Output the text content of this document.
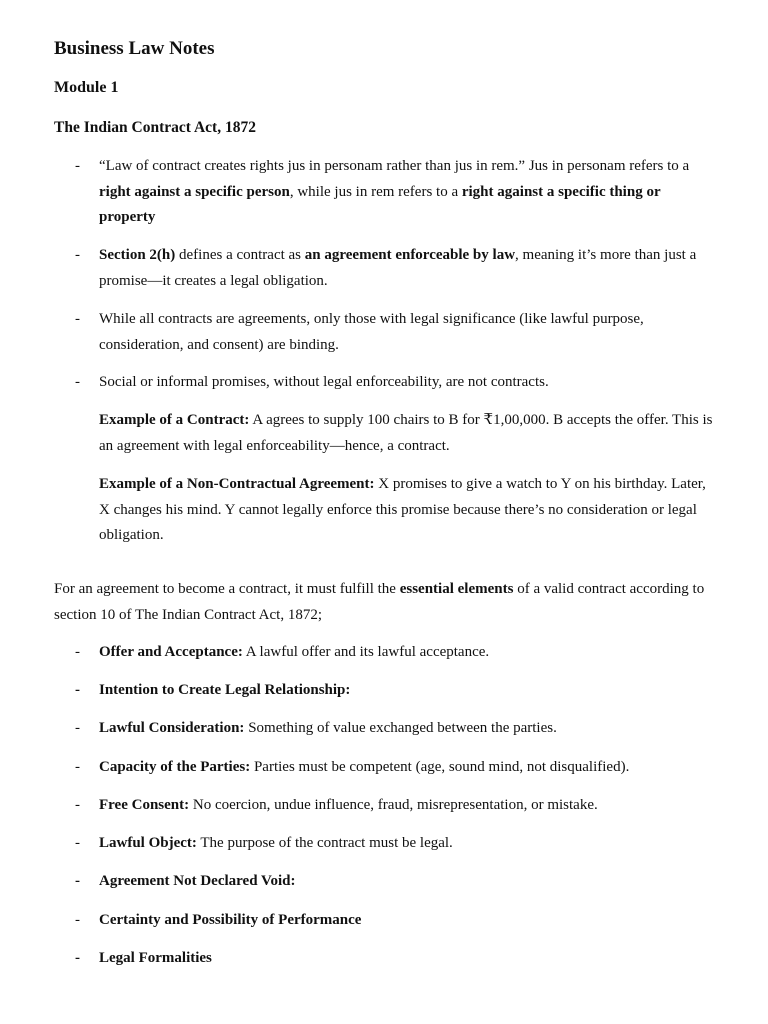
Business Law Notes
Module 1
The Indian Contract Act, 1872
-	“Law of contract creates rights jus in personam rather than jus in rem.” Jus in personam refers to a right against a specific person, while jus in rem refers to a right against a specific thing or property
-	Section 2(h) defines a contract as an agreement enforceable by law, meaning it’s more than just a promise—it creates a legal obligation.
-	While all contracts are agreements, only those with legal significance (like lawful purpose, consideration, and consent) are binding.
-	Social or informal promises, without legal enforceability, are not contracts.
Example of a Contract: A agrees to supply 100 chairs to B for ₹1,00,000. B accepts the offer. This is an agreement with legal enforceability—hence, a contract.
Example of a Non-Contractual Agreement: X promises to give a watch to Y on his birthday. Later, X changes his mind. Y cannot legally enforce this promise because there’s no consideration or legal obligation.
For an agreement to become a contract, it must fulfill the essential elements of a valid contract according to section 10 of The Indian Contract Act, 1872;
-	Offer and Acceptance: A lawful offer and its lawful acceptance.
-	Intention to Create Legal Relationship:
-	Lawful Consideration: Something of value exchanged between the parties.
-	Capacity of the Parties: Parties must be competent (age, sound mind, not disqualified).
-	Free Consent: No coercion, undue influence, fraud, misrepresentation, or mistake.
-	Lawful Object: The purpose of the contract must be legal.
-	Agreement Not Declared Void:
-	Certainty and Possibility of Performance
-	Legal Formalities
